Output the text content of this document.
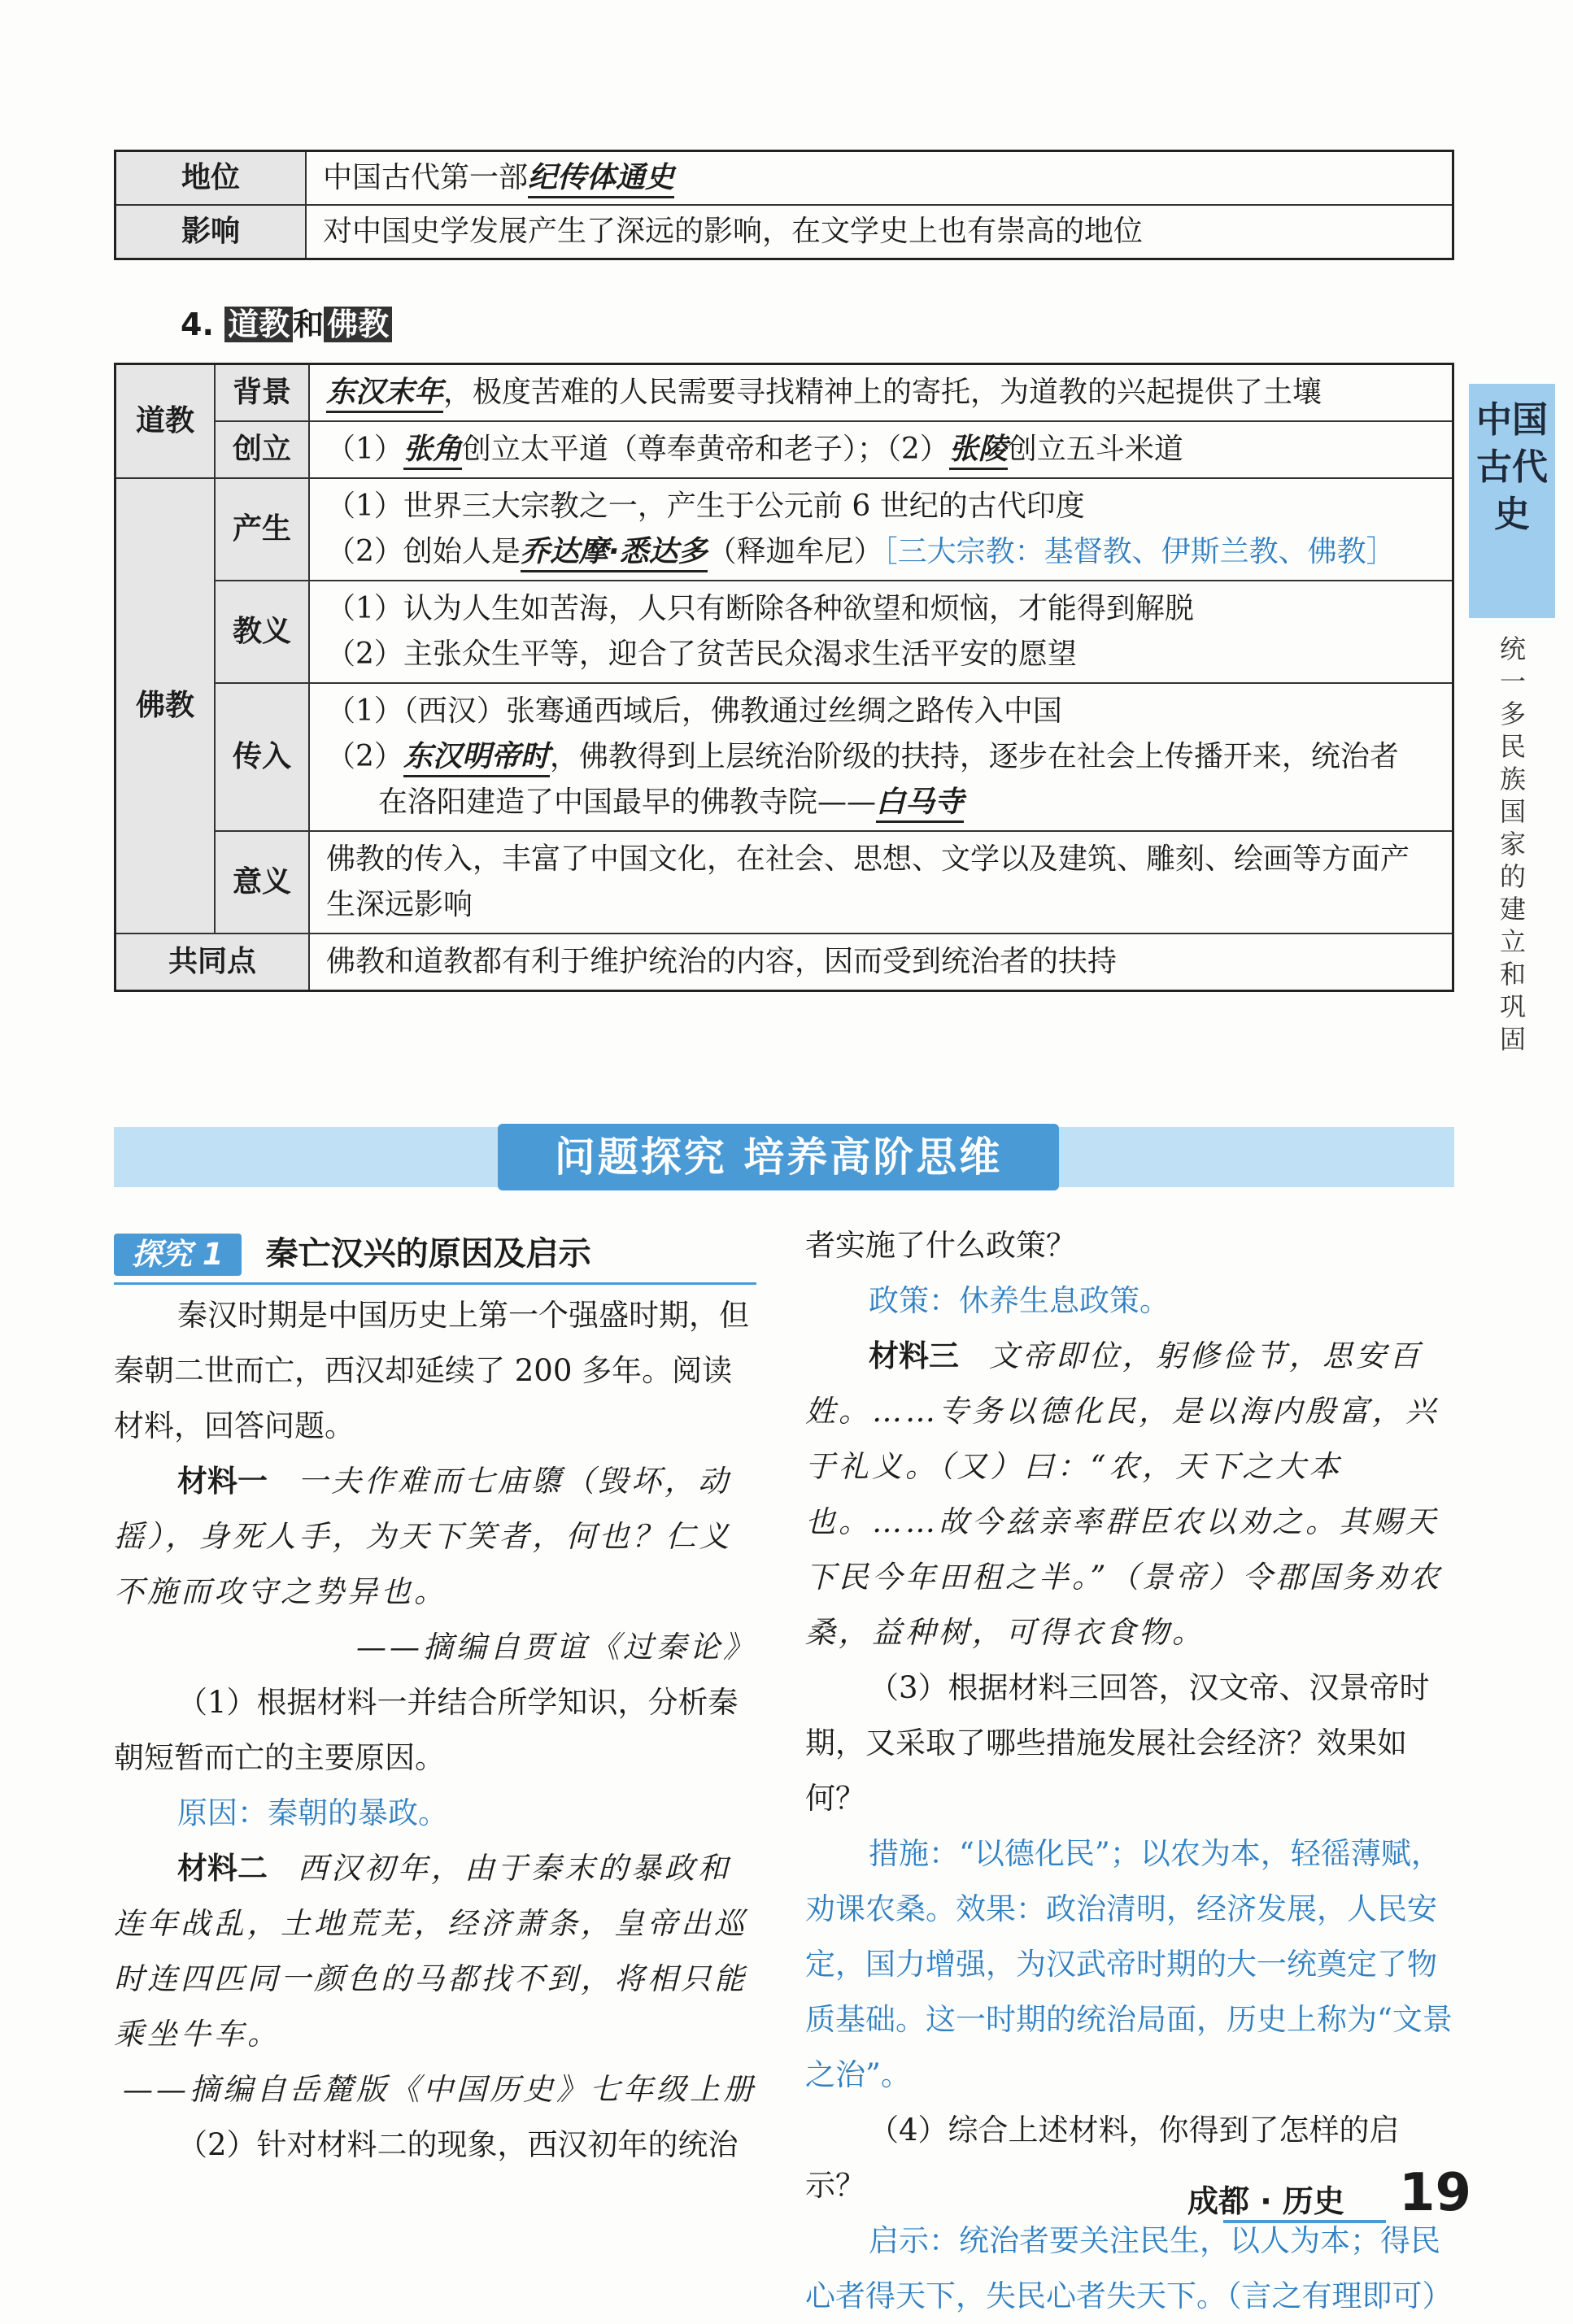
地位	中国古代第一部纪传体通史
影响	对中国史学发展产生了深远的影响，在文学史上也有崇高的地位
4. 道教 和 佛教
道教	背景	东汉末年，极度苦难的人民需要寻找精神上的寄托，为道教的兴起提供了土壤
	创立	（1）张角创立太平道（尊奉黄帝和老子）；（2）张陵创立五斗米道
佛教	产生	（1）世界三大宗教之一，产生于公元前 6 世纪的古代印度
（2）创始人是乔达摩·悉达多（释迦牟尼）［三大宗教：基督教、伊斯兰教、佛教］

	教义	（1）认为人生如苦海，人只有断除各种欲望和烦恼，才能得到解脱
（2）主张众生平等，迎合了贫苦民众渴求生活平安的愿望

	传入	（1）（西汉）张骞通西域后，佛教通过丝绸之路传入中国
（2）东汉明帝时，佛教得到上层统治阶级的扶持，逐步在社会上传播开来，统治者
在洛阳建造了中国最早的佛教寺院——白马寺

	意义	佛教的传入，丰富了中国文化，在社会、思想、文学以及建筑、雕刻、绘画等方面产生深远影响
共同点		佛教和道教都有利于维护统治的内容，因而受到统治者的扶持
中国古代史
统一多民族国家的建立和巩固
问题探究 培养高阶思维

探究 1 秦亡汉兴的原因及启示

秦汉时期是中国历史上第一个强盛时期，但秦朝二世而亡，西汉却延续了 200 多年。阅读材料，回答问题。

材料一　 一夫作难而七庙隳（毁坏，动摇），身死人手，为天下笑者，何也？仁义不施而攻守之势异也。

——摘编自贾谊《过秦论》

（1）根据材料一并结合所学知识，分析秦朝短暂而亡的主要原因。

原因：秦朝的暴政。

材料二　 西汉初年，由于秦末的暴政和连年战乱，土地荒芜，经济萧条，皇帝出巡时连四匹同一颜色的马都找不到，将相只能乘坐牛车。

——摘编自岳麓版《中国历史》七年级上册

（2）针对材料二的现象，西汉初年的统治

者实施了什么政策？

政策：休养生息政策。

材料三　 文帝即位，躬修俭节，思安百姓。……专务以德化民，是以海内殷富，兴于礼义。（又）曰：“农，天下之大本也。……故今兹亲率群臣农以劝之。其赐天下民今年田租之半。”（景帝）令郡国务劝农桑，益种树，可得衣食物。

（3）根据材料三回答，汉文帝、汉景帝时期，又采取了哪些措施发展社会经济？效果如何？

措施：“以德化民”；以农为本，轻徭薄赋，劝课农桑。效果：政治清明，经济发展，人民安定，国力增强，为汉武帝时期的大一统奠定了物质基础。这一时期的统治局面，历史上称为“文景之治”。

（4）综合上述材料，你得到了怎样的启示？

启示：统治者要关注民生，以人为本；得民心者得天下，失民心者失天下。（言之有理即可）

成都 · 历史 19
